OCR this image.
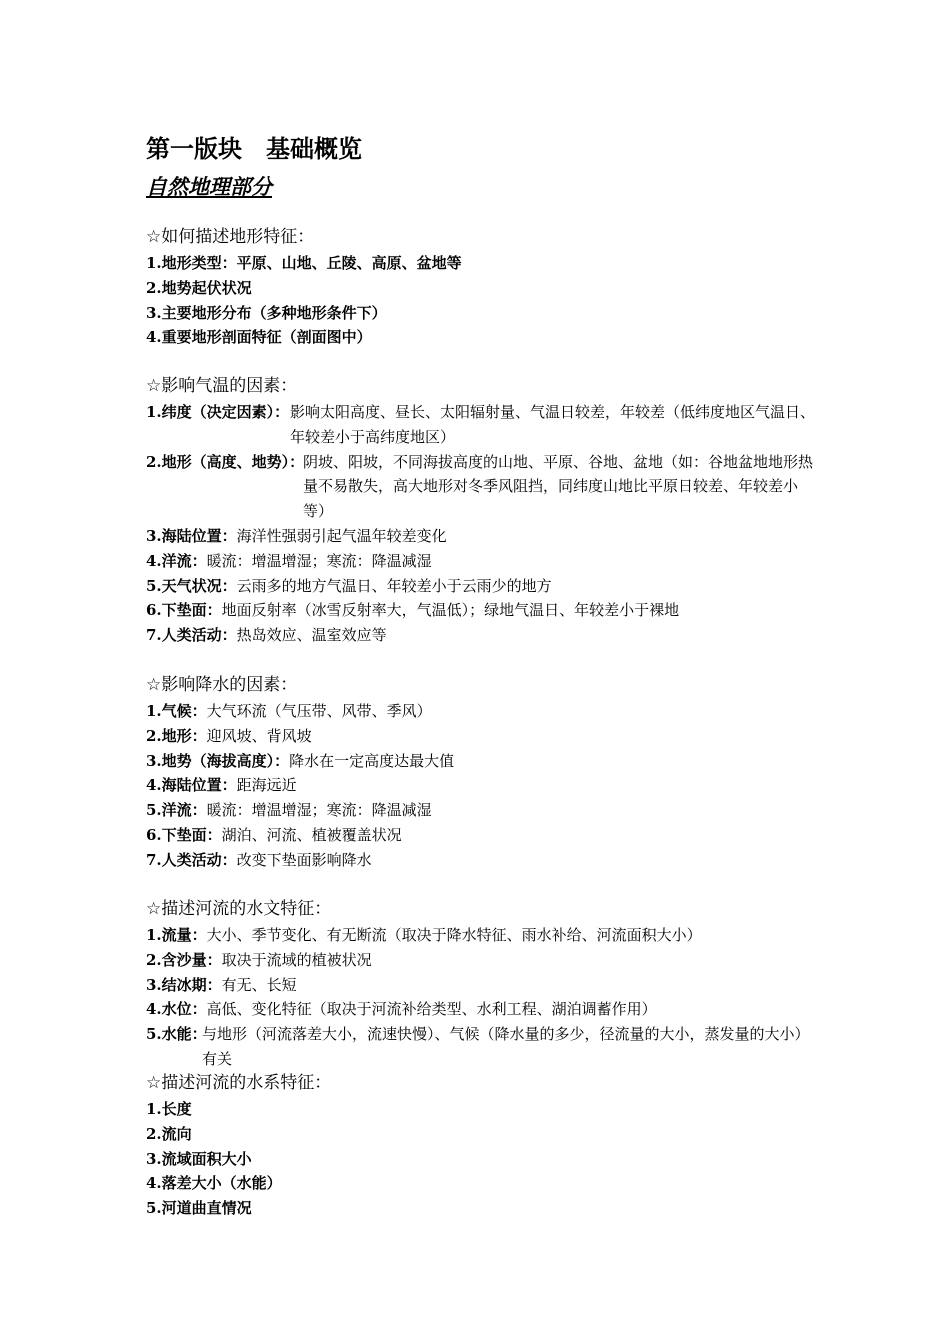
第一版块　基础概览
自然地理部分
☆如何描述地形特征：
1.地形类型：平原、山地、丘陵、高原、盆地等
2.地势起伏状况
3.主要地形分布（多种地形条件下）
4.重要地形剖面特征（剖面图中）
☆影响气温的因素：
1.纬度（决定因素）： 影响太阳高度、昼长、太阳辐射量、气温日较差，年较差（低纬度地区气温日、年较差小于高纬度地区）
2.地形（高度、地势）：
阴坡、阳坡，不同海拔高度的山地、平原、谷地、盆地（如：谷地盆地地形热量不易散失，高大地形对冬季风阻挡，同纬度山地比平原日较差、年较差小等）
3.海陆位置：海洋性强弱引起气温年较差变化
4.洋流：暖流：增温增湿；寒流：降温减湿
5.天气状况：云雨多的地方气温日、年较差小于云雨少的地方
6.下垫面：地面反射率（冰雪反射率大，气温低）；绿地气温日、年较差小于裸地
7.人类活动：热岛效应、温室效应等
☆影响降水的因素：
1.气候：大气环流（气压带、风带、季风）
2.地形：迎风坡、背风坡
3.地势（海拔高度）：降水在一定高度达最大值
4.海陆位置：距海远近
5.洋流：暖流：增温增湿；寒流：降温减湿
6.下垫面：湖泊、河流、植被覆盖状况
7.人类活动：改变下垫面影响降水
☆描述河流的水文特征：
1.流量：大小、季节变化、有无断流（取决于降水特征、雨水补给、河流面积大小）
2.含沙量：取决于流域的植被状况
3.结冰期：有无、长短
4.水位：高低、变化特征（取决于河流补给类型、水利工程、湖泊调蓄作用）
5.水能：
与地形（河流落差大小，流速快慢）、气候（降水量的多少，径流量的大小，蒸发量的大小）有关
☆描述河流的水系特征：
1.长度
2.流向
3.流域面积大小
4.落差大小（水能）
5.河道曲直情况
